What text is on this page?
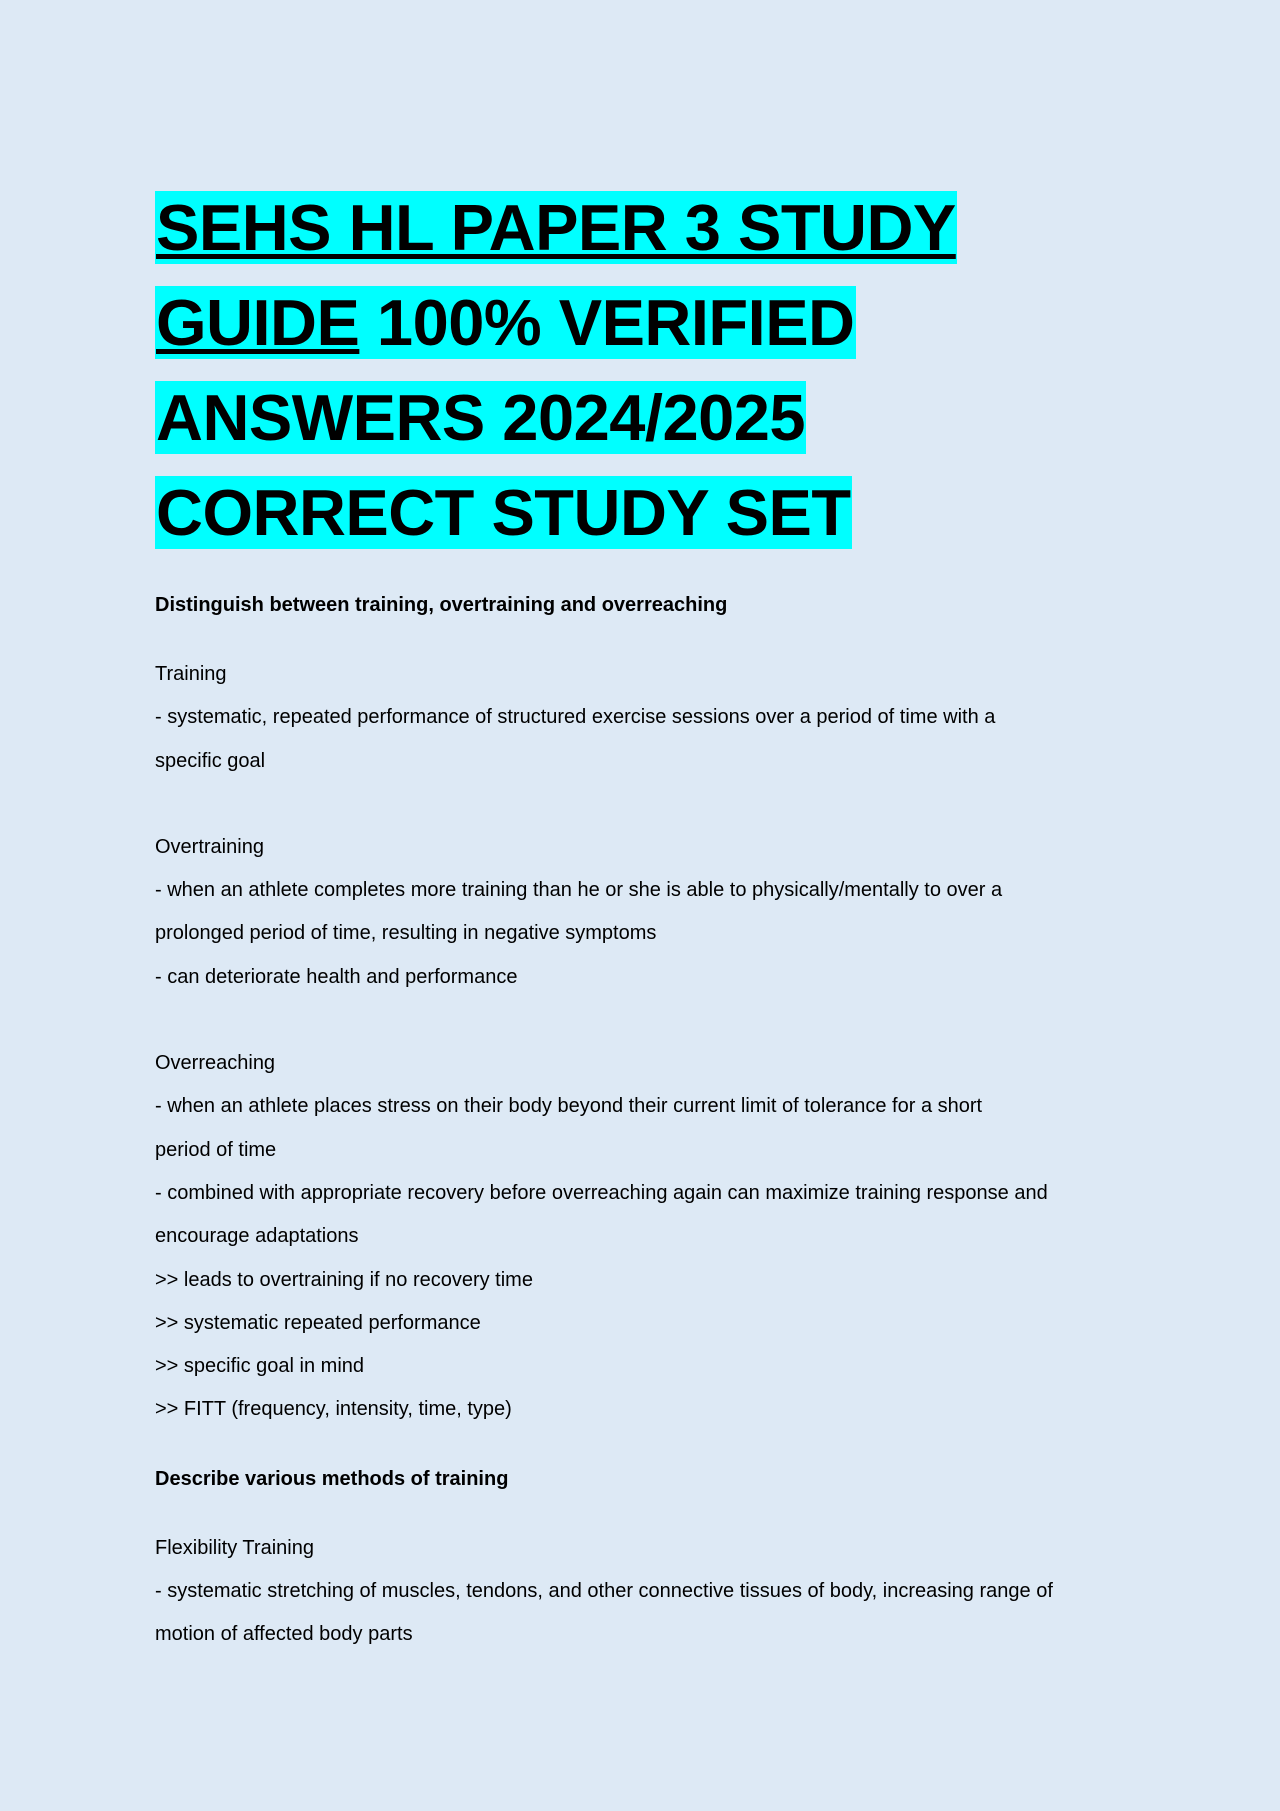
SEHS HL PAPER 3 STUDY GUIDE 100% VERIFIED ANSWERS 2024/2025 CORRECT STUDY SET

Distinguish between training, overtraining and overreaching

Training
- systematic, repeated performance of structured exercise sessions over a period of time with a
specific goal
Overtraining
- when an athlete completes more training than he or she is able to physically/mentally to over a
prolonged period of time, resulting in negative symptoms
- can deteriorate health and performance
Overreaching
- when an athlete places stress on their body beyond their current limit of tolerance for a short
period of time
- combined with appropriate recovery before overreaching again can maximize training response and
encourage adaptations
>> leads to overtraining if no recovery time
>> systematic repeated performance
>> specific goal in mind
>> FITT (frequency, intensity, time, type)

Describe various methods of training

Flexibility Training
- systematic stretching of muscles, tendons, and other connective tissues of body, increasing range of
motion of affected body parts
